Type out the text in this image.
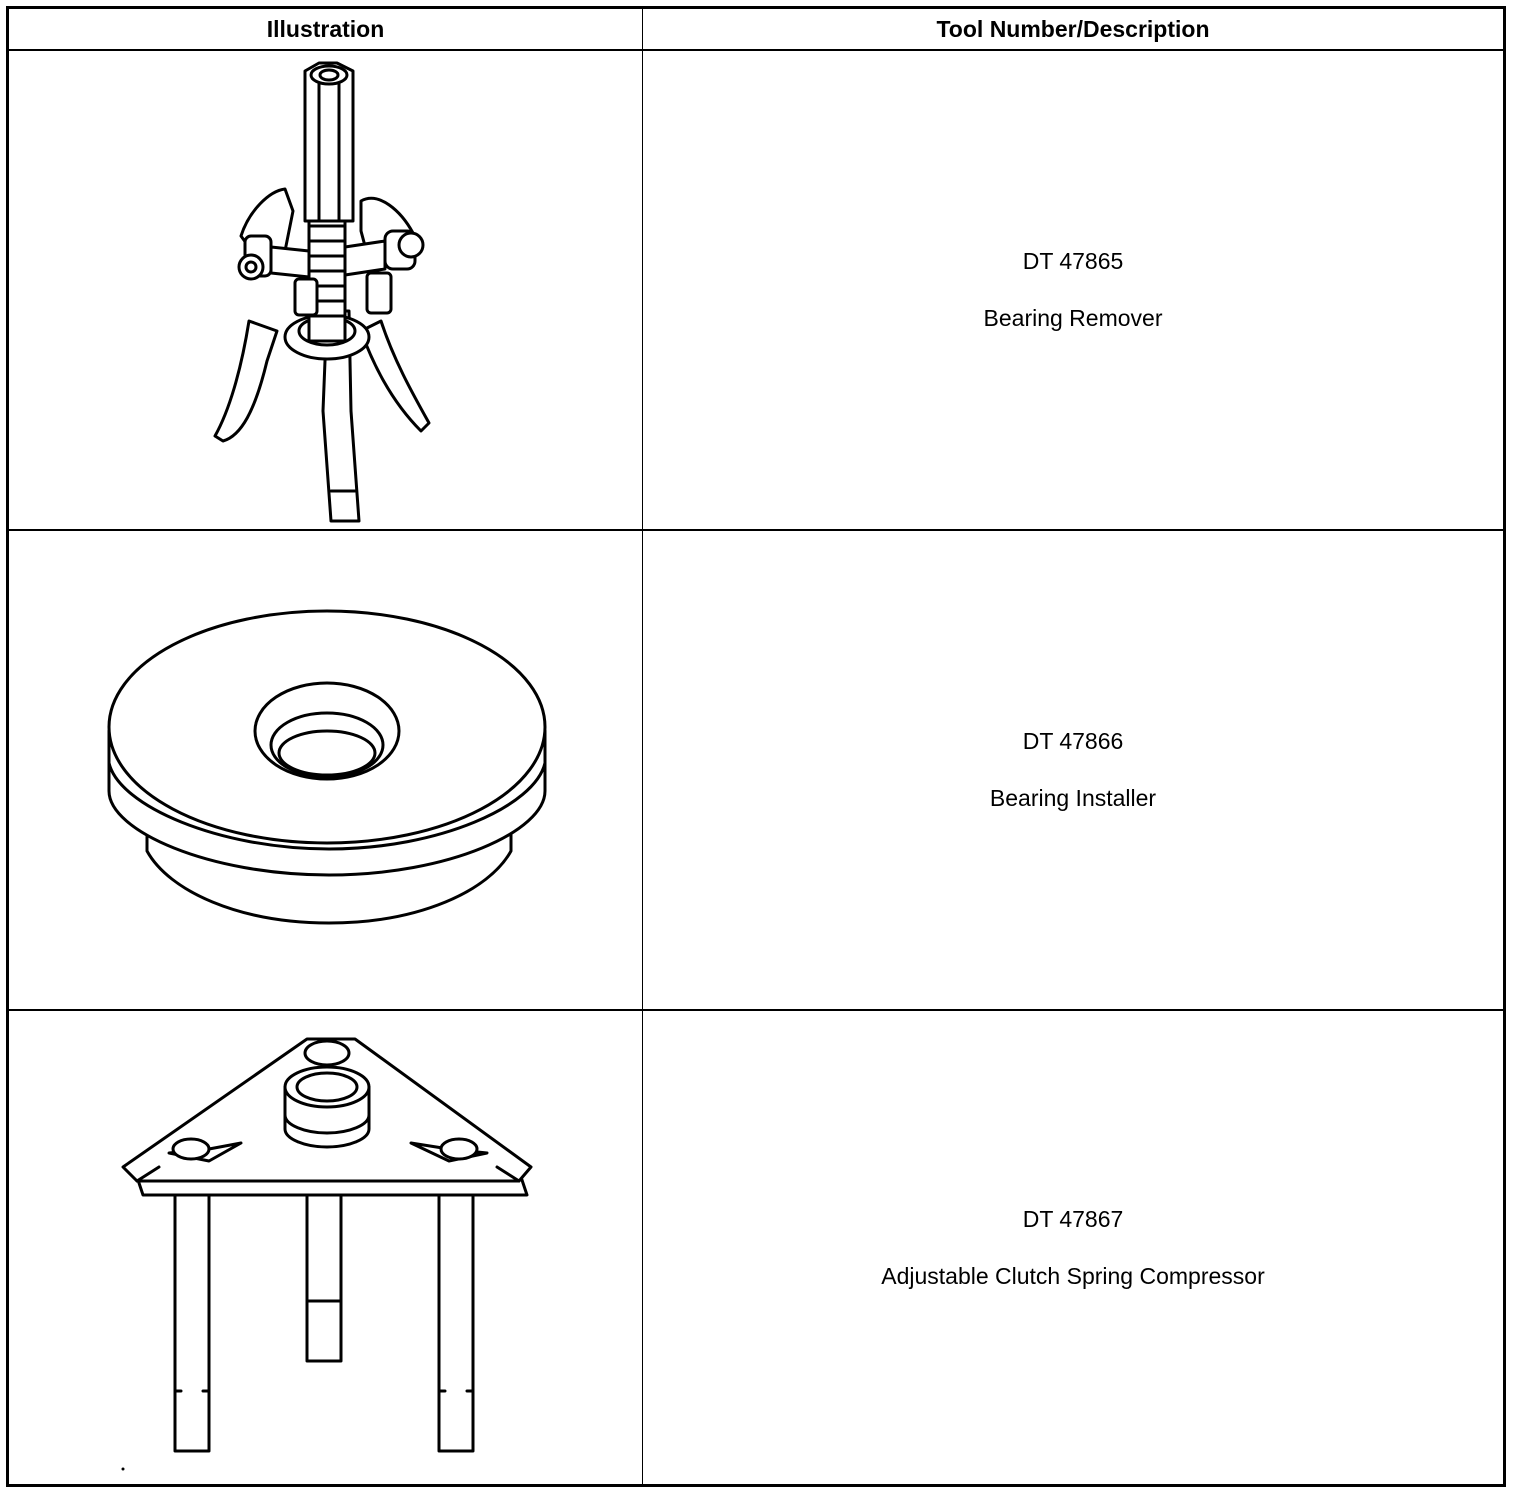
Illustration	Tool Number/Description
DT 47865
Bearing Remover
DT 47866
Bearing Installer
DT 47867
Adjustable Clutch Spring Compressor
